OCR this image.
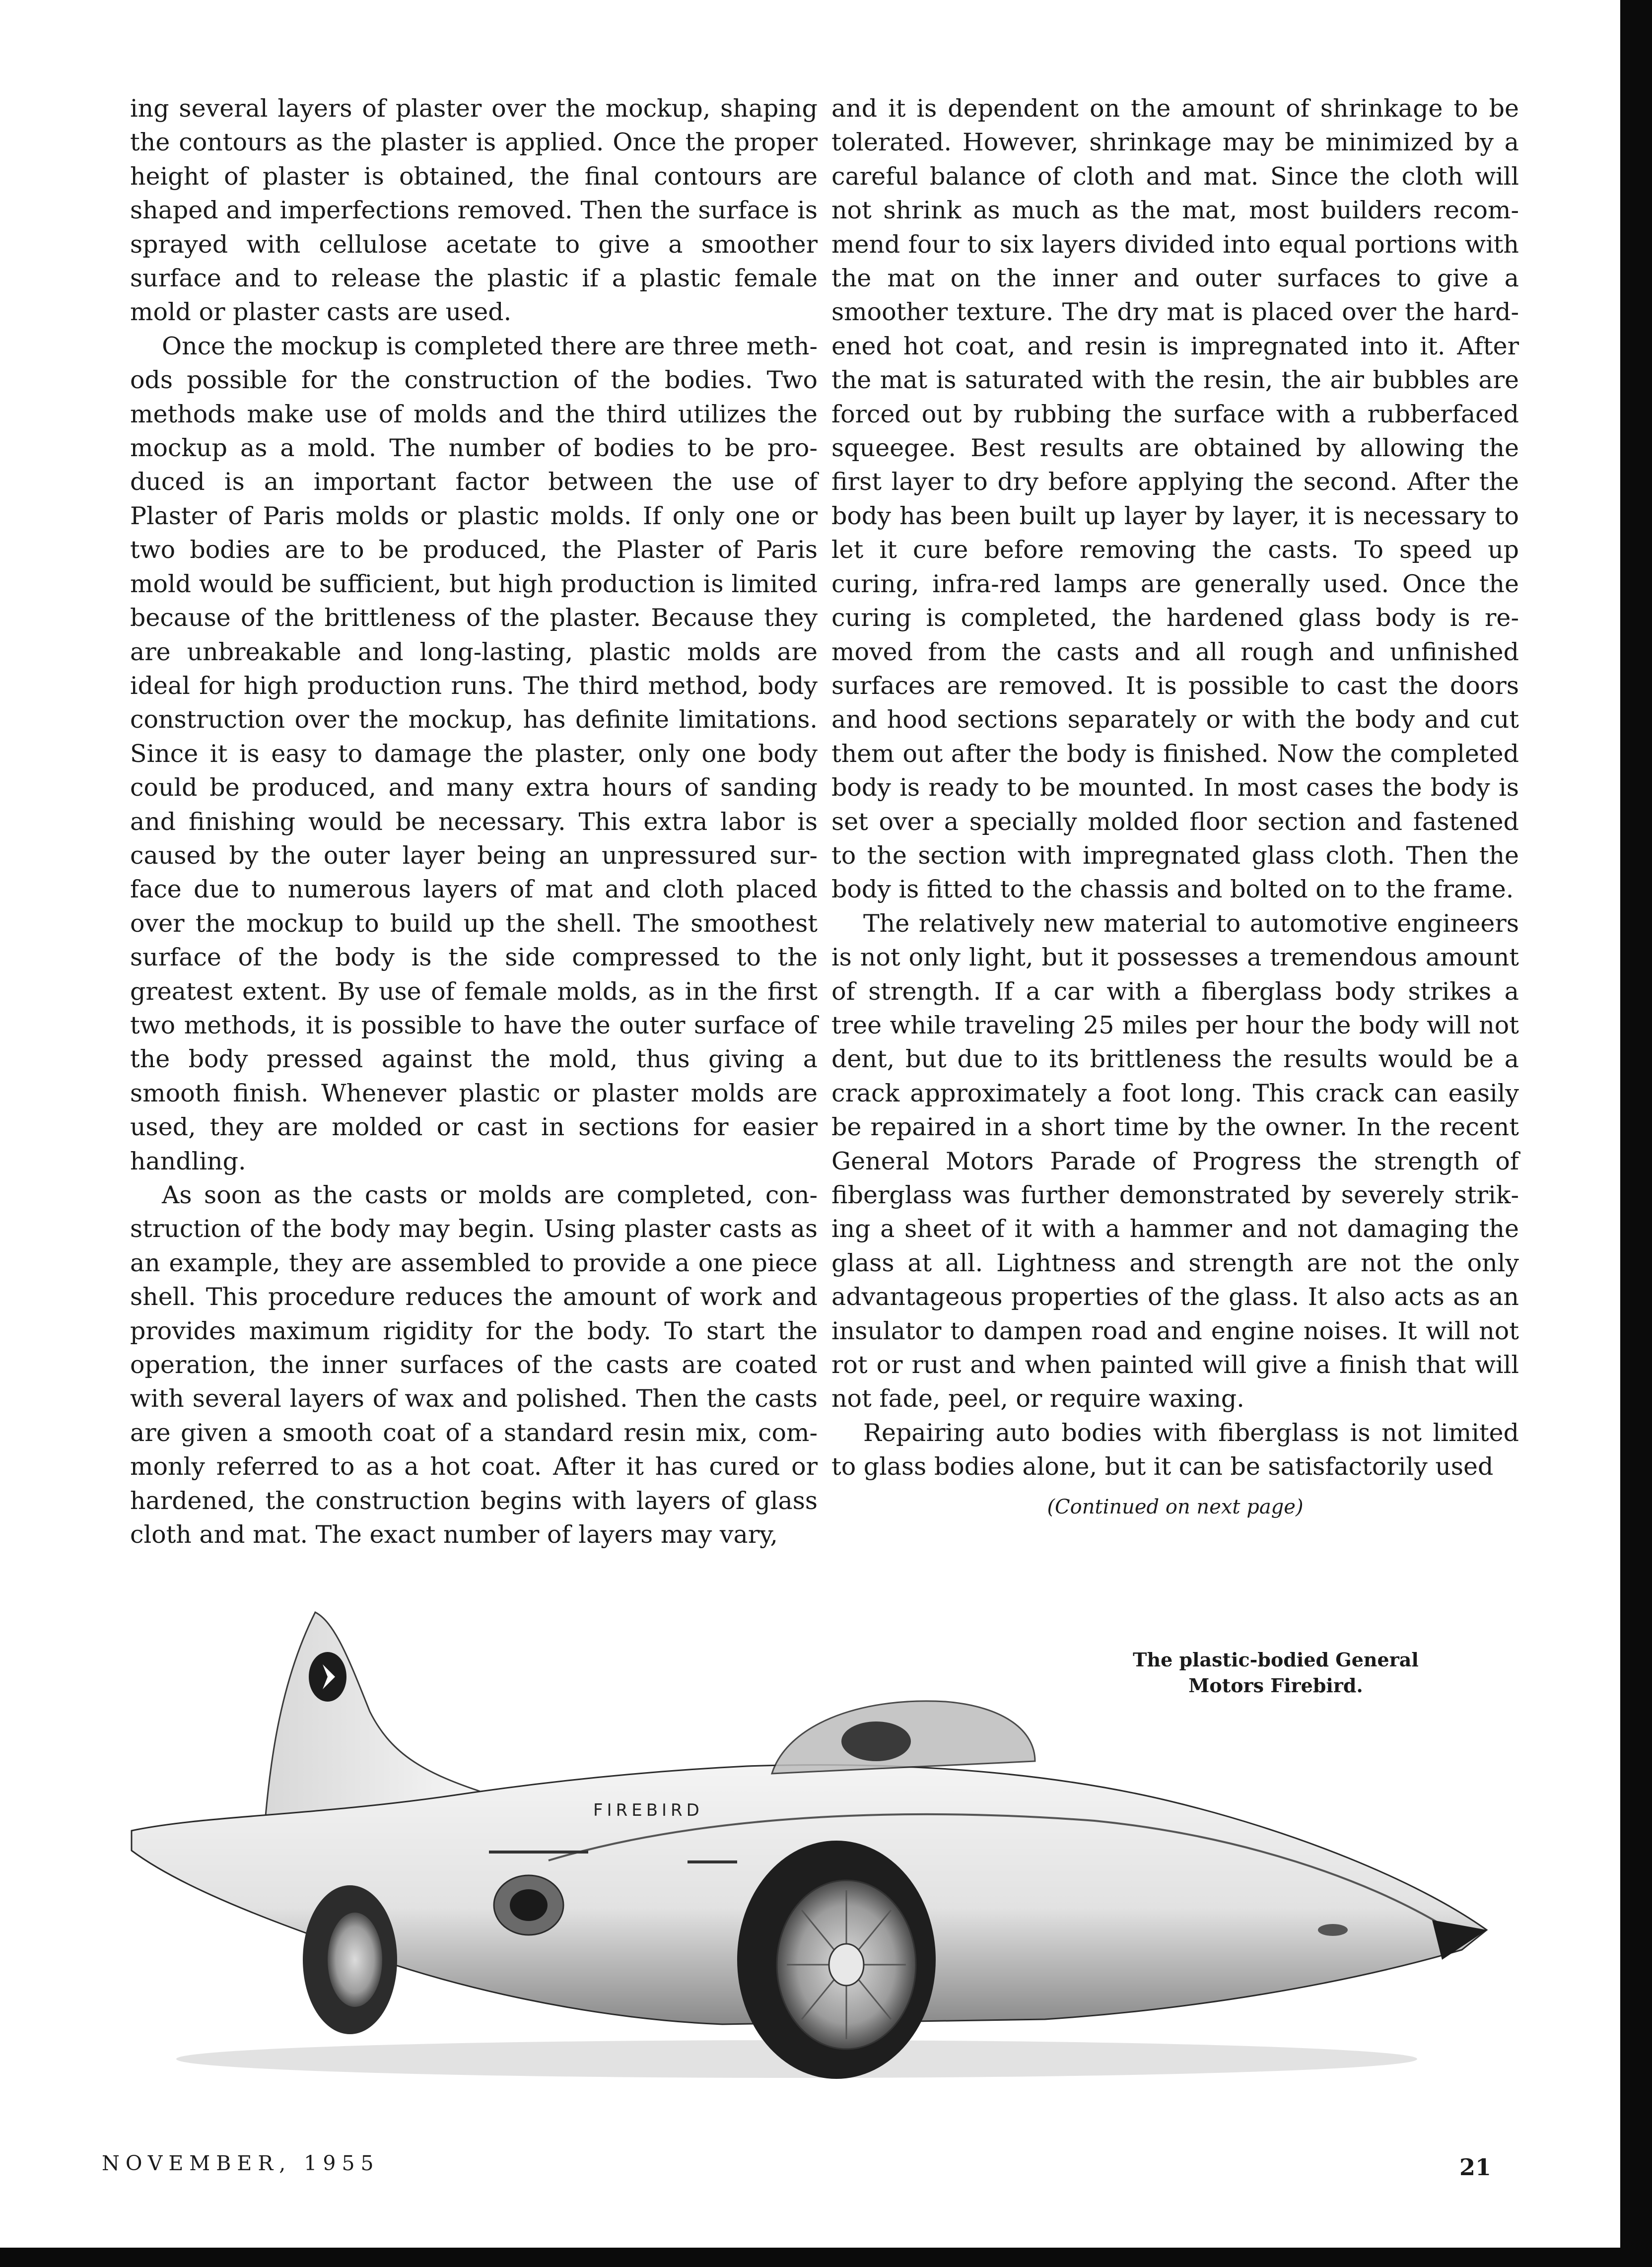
ing several layers of plaster over the mockup, shaping the contours as the plaster is applied. Once the proper height of plaster is obtained, the final contours are shaped and imperfections removed. Then the surface is sprayed with cellulose acetate to give a smoother surface and to release the plastic if a plastic female mold or plaster casts are used.

Once the mockup is completed there are three methods possible for the construction of the bodies. Two methods make use of molds and the third utilizes the mockup as a mold. The number of bodies to be produced is an important factor between the use of Plaster of Paris molds or plastic molds. If only one or two bodies are to be produced, the Plaster of Paris mold would be sufficient, but high production is limited because of the brittleness of the plaster. Because they are unbreakable and long-lasting, plastic molds are ideal for high production runs. The third method, body construction over the mockup, has definite limitations. Since it is easy to damage the plaster, only one body could be produced, and many extra hours of sanding and finishing would be necessary. This extra labor is caused by the outer layer being an unpressured surface due to numerous layers of mat and cloth placed over the mockup to build up the shell. The smoothest surface of the body is the side compressed to the greatest extent. By use of female molds, as in the first two methods, it is possible to have the outer surface of the body pressed against the mold, thus giving a smooth finish. Whenever plastic or plaster molds are used, they are molded or cast in sections for easier handling.

As soon as the casts or molds are completed, construction of the body may begin. Using plaster casts as an example, they are assembled to provide a one piece shell. This procedure reduces the amount of work and provides maximum rigidity for the body. To start the operation, the inner surfaces of the casts are coated with several layers of wax and polished. Then the casts are given a smooth coat of a standard resin mix, commonly referred to as a hot coat. After it has cured or hardened, the construction begins with layers of glass cloth and mat. The exact number of layers may vary,

and it is dependent on the amount of shrinkage to be tolerated. However, shrinkage may be minimized by a careful balance of cloth and mat. Since the cloth will not shrink as much as the mat, most builders recommend four to six layers divided into equal portions with the mat on the inner and outer surfaces to give a smoother texture. The dry mat is placed over the hardened hot coat, and resin is impregnated into it. After the mat is saturated with the resin, the air bubbles are forced out by rubbing the surface with a rubberfaced squeegee. Best results are obtained by allowing the first layer to dry before applying the second. After the body has been built up layer by layer, it is necessary to let it cure before removing the casts. To speed up curing, infra-red lamps are generally used. Once the curing is completed, the hardened glass body is removed from the casts and all rough and unfinished surfaces are removed. It is possible to cast the doors and hood sections separately or with the body and cut them out after the body is finished. Now the completed body is ready to be mounted. In most cases the body is set over a specially molded floor section and fastened to the section with impregnated glass cloth. Then the body is fitted to the chassis and bolted on to the frame.

The relatively new material to automotive engineers is not only light, but it possesses a tremendous amount of strength. If a car with a fiberglass body strikes a tree while traveling 25 miles per hour the body will not dent, but due to its brittleness the results would be a crack approximately a foot long. This crack can easily be repaired in a short time by the owner. In the recent General Motors Parade of Progress the strength of fiberglass was further demonstrated by severely striking a sheet of it with a hammer and not damaging the glass at all. Lightness and strength are not the only advantageous properties of the glass. It also acts as an insulator to dampen road and engine noises. It will not rot or rust and when painted will give a finish that will not fade, peel, or require waxing.

Repairing auto bodies with fiberglass is not limited to glass bodies alone, but it can be satisfactorily used

(Continued on next page)
FIREBIRD
The plastic-bodied General Motors Firebird.
NOVEMBER, 1955	21
